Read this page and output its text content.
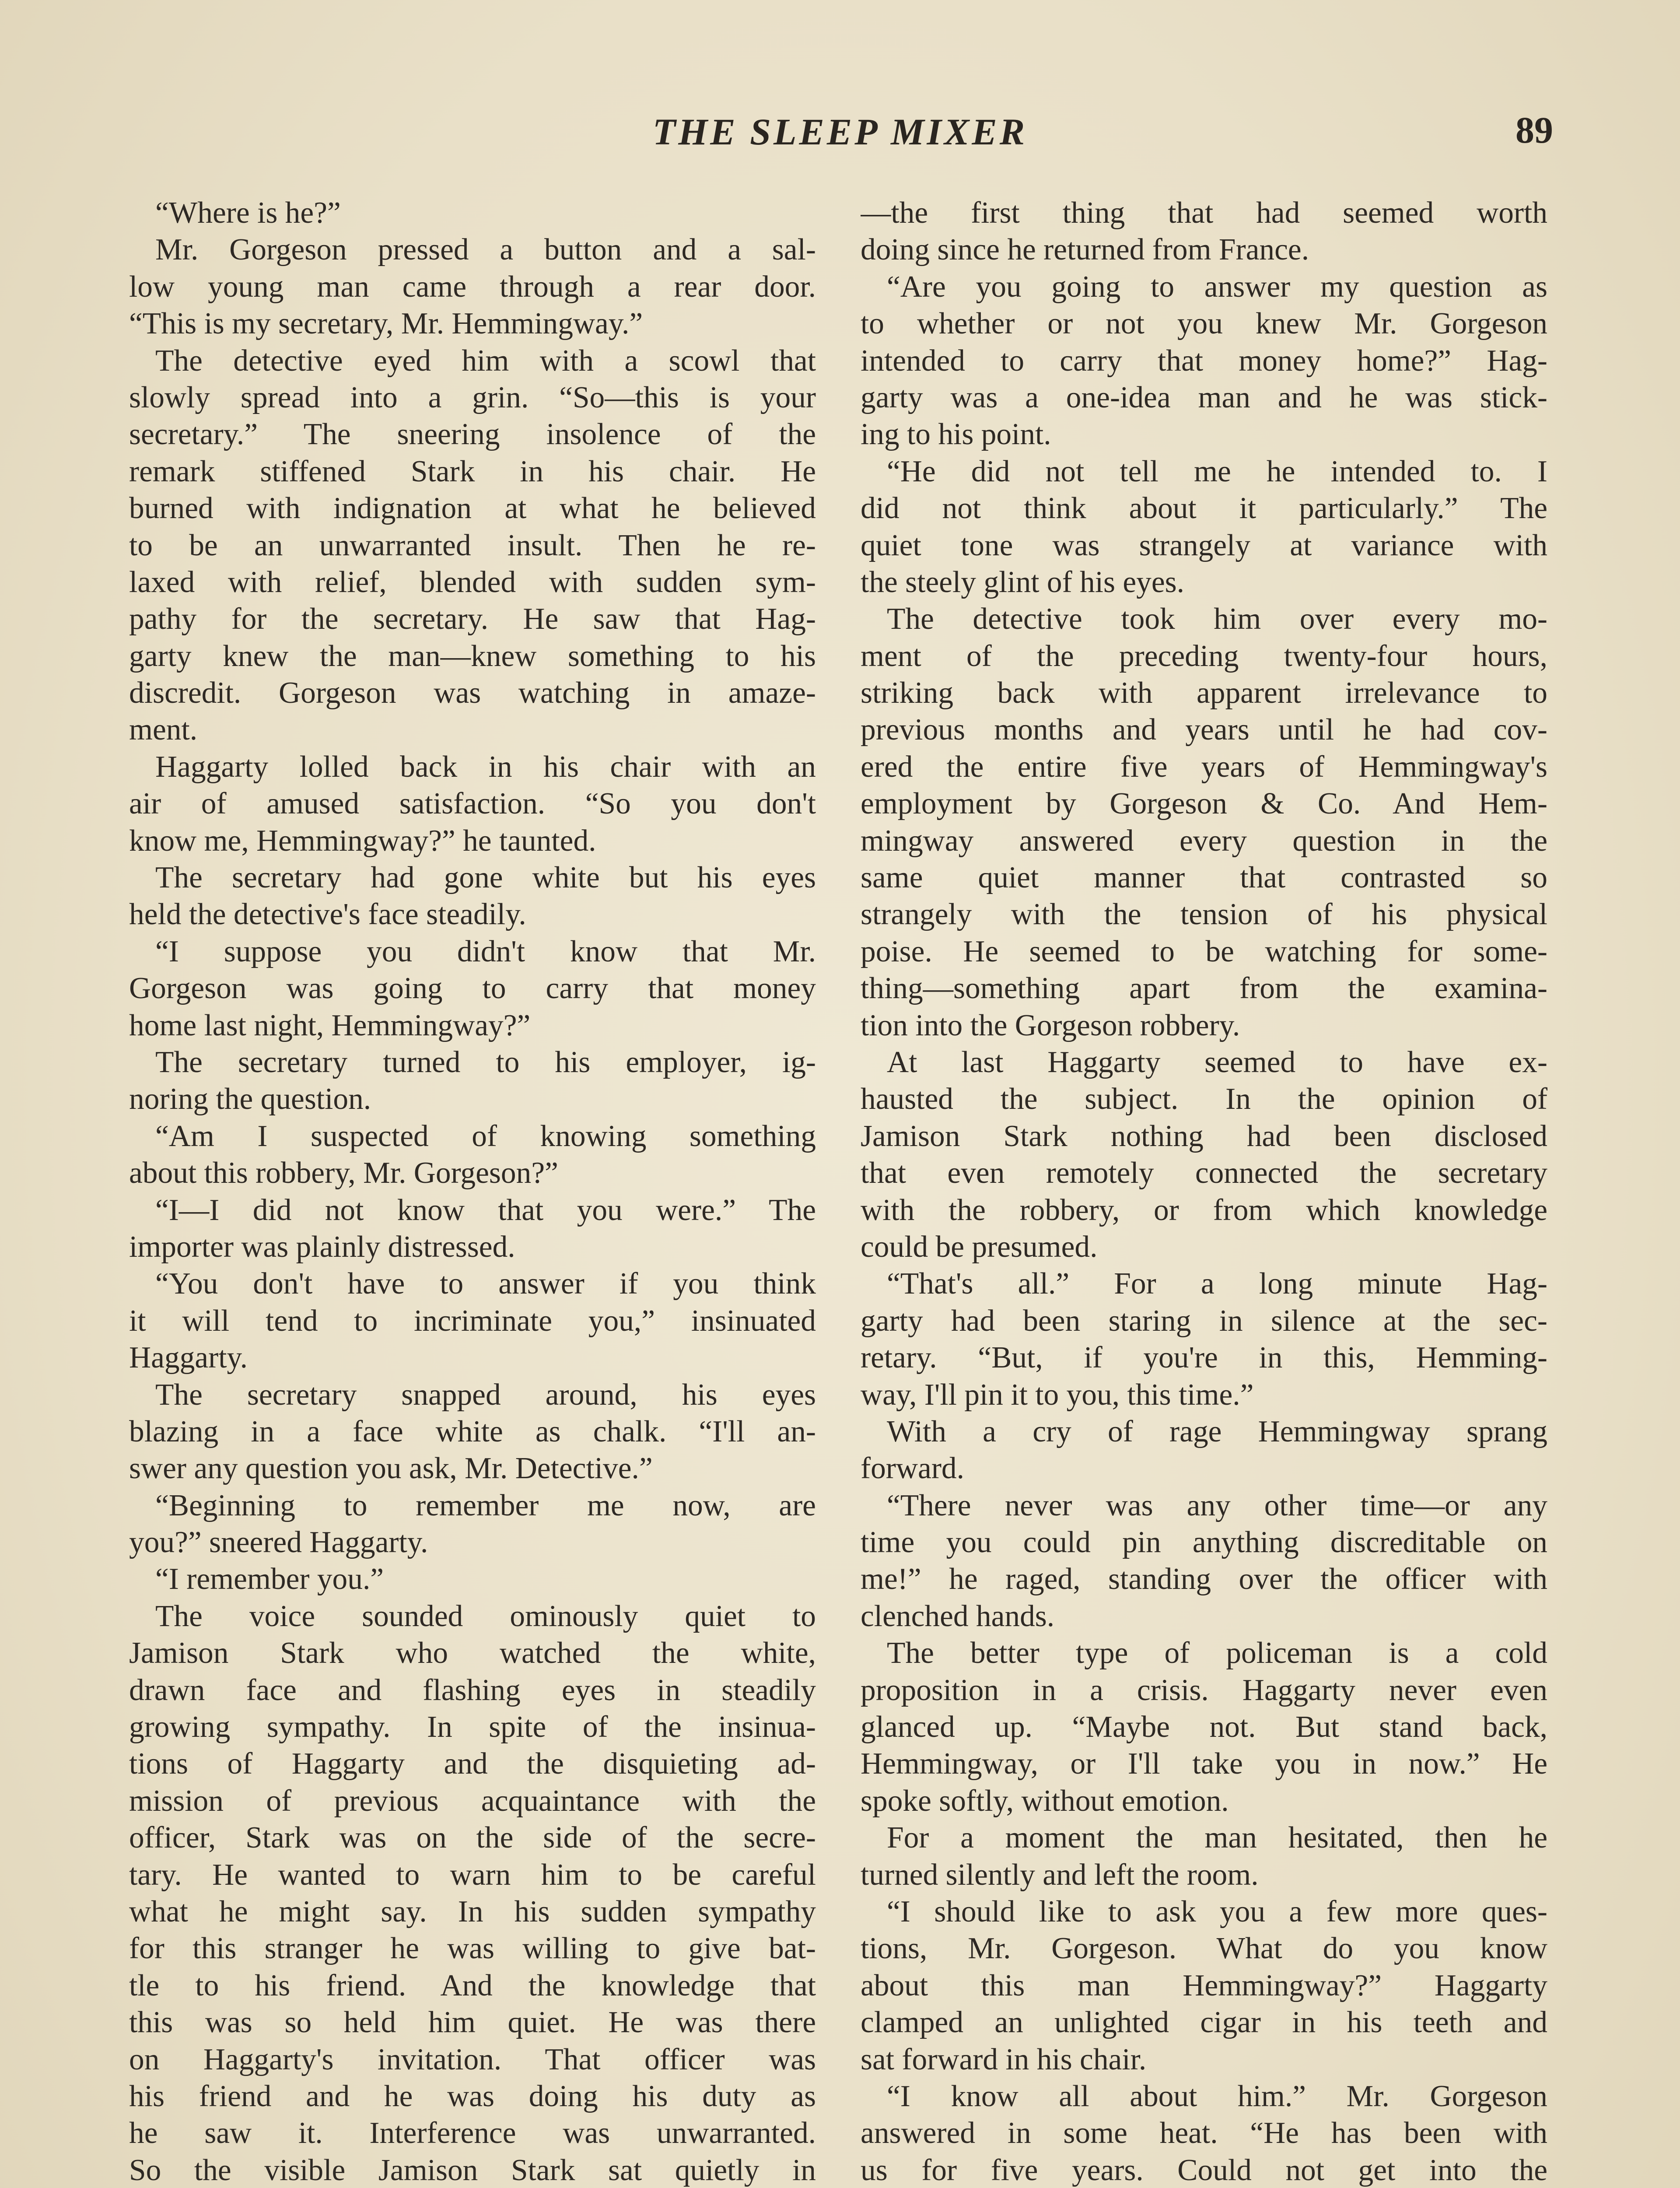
THE SLEEP MIXER	89
“Where is he?”
Mr. Gorgeson pressed a button and a sal-
low young man came through a rear door.
“This is my secretary, Mr. Hemmingway.”
The detective eyed him with a scowl that
slowly spread into a grin. “So—this is your
secretary.” The sneering insolence of the
remark stiffened Stark in his chair. He
burned with indignation at what he believed
to be an unwarranted insult. Then he re-
laxed with relief, blended with sudden sym-
pathy for the secretary. He saw that Hag-
garty knew the man—knew something to his
discredit. Gorgeson was watching in amaze-
ment.
Haggarty lolled back in his chair with an
air of amused satisfaction. “So you don't
know me, Hemmingway?” he taunted.
The secretary had gone white but his eyes
held the detective's face steadily.
“I suppose you didn't know that Mr.
Gorgeson was going to carry that money
home last night, Hemmingway?”
The secretary turned to his employer, ig-
noring the question.
“Am I suspected of knowing something
about this robbery, Mr. Gorgeson?”
“I—I did not know that you were.” The
importer was plainly distressed.
“You don't have to answer if you think
it will tend to incriminate you,” insinuated
Haggarty.
The secretary snapped around, his eyes
blazing in a face white as chalk. “I'll an-
swer any question you ask, Mr. Detective.”
“Beginning to remember me now, are
you?” sneered Haggarty.
“I remember you.”
The voice sounded ominously quiet to
Jamison Stark who watched the white,
drawn face and flashing eyes in steadily
growing sympathy. In spite of the insinua-
tions of Haggarty and the disquieting ad-
mission of previous acquaintance with the
officer, Stark was on the side of the secre-
tary. He wanted to warn him to be careful
what he might say. In his sudden sympathy
for this stranger he was willing to give bat-
tle to his friend. And the knowledge that
this was so held him quiet. He was there
on Haggarty's invitation. That officer was
his friend and he was doing his duty as
he saw it. Interference was unwarranted.
So the visible Jamison Stark sat quietly in
—the first thing that had seemed worth
doing since he returned from France.
“Are you going to answer my question as
to whether or not you knew Mr. Gorgeson
intended to carry that money home?” Hag-
garty was a one-idea man and he was stick-
ing to his point.
“He did not tell me he intended to. I
did not think about it particularly.” The
quiet tone was strangely at variance with
the steely glint of his eyes.
The detective took him over every mo-
ment of the preceding twenty-four hours,
striking back with apparent irrelevance to
previous months and years until he had cov-
ered the entire five years of Hemmingway's
employment by Gorgeson & Co. And Hem-
mingway answered every question in the
same quiet manner that contrasted so
strangely with the tension of his physical
poise. He seemed to be watching for some-
thing—something apart from the examina-
tion into the Gorgeson robbery.
At last Haggarty seemed to have ex-
hausted the subject. In the opinion of
Jamison Stark nothing had been disclosed
that even remotely connected the secretary
with the robbery, or from which knowledge
could be presumed.
“That's all.” For a long minute Hag-
garty had been staring in silence at the sec-
retary. “But, if you're in this, Hemming-
way, I'll pin it to you, this time.”
With a cry of rage Hemmingway sprang
forward.
“There never was any other time—or any
time you could pin anything discreditable on
me!” he raged, standing over the officer with
clenched hands.
The better type of policeman is a cold
proposition in a crisis. Haggarty never even
glanced up. “Maybe not. But stand back,
Hemmingway, or I'll take you in now.” He
spoke softly, without emotion.
For a moment the man hesitated, then he
turned silently and left the room.
“I should like to ask you a few more ques-
tions, Mr. Gorgeson. What do you know
about this man Hemmingway?” Haggarty
clamped an unlighted cigar in his teeth and
sat forward in his chair.
“I know all about him.” Mr. Gorgeson
answered in some heat. “He has been with
us for five years. Could not get into the
